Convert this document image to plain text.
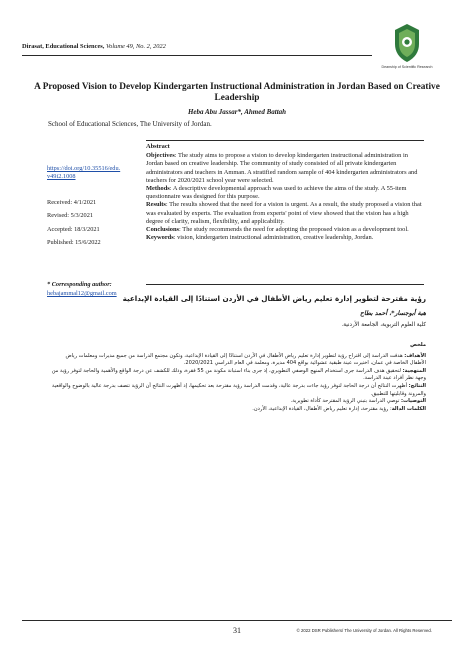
Dirasat, Educational Sciences, Volume 49, No. 2, 2022
Deanship of Scientific Research
A Proposed Vision to Develop Kindergarten Instructional Administration in Jordan Based on Creative Leadership
Heba Abu Jassar*, Ahmed Battah
School of Educational Sciences, The University of Jordan.
https://doi.org/10.35516/edu.
v49i2.1008
Received: 4/1/2021
Revised: 5/3/2021
Accepted: 18/3/2021
Published: 15/6/2022
* Corresponding author:
hebajammal12@gmail.com

Abstract

Objectives: The study aims to propose a vision to develop kindergarten instructional administration in Jordan based on creative leadership. The community of study consisted of all private kindergarten administrators and teachers in Amman. A stratified random sample of 404 kindergarten administrators and teachers for 2020/2021 school year were selected.

Methods: A descriptive developmental approach was used to achieve the aims of the study. A 55-item questionnaire was designed for this purpose.

Results: The results showed that the need for a vision is urgent. As a result, the study proposed a vision that was evaluated by experts. The evaluation from experts' point of view showed that the vision has a high degree of clarity, realism, flexibility, and applicability.

Conclusions: The study recommends the need for adopting the proposed vision as a development tool.

Keywords: vision, kindergarten instructional administration, creative leadership, Jordan.

رؤية مقترحة لتطوير إدارة تعليم رياض الأطفال في الأردن استنادًا إلى القيادة الإبداعية
هبة أبوجسار*، أحمد بطاح
كلية العلوم التربوية، الجامعة الأردنية.

ملخص

الأهداف: هدفت الدراسة إلى اقتراح رؤية لتطوير إدارة تعليم رياض الأطفال في الأردن استنادًا إلى القيادة الإبداعية، وتكون مجتمع الدراسة من جميع مديرات ومعلمات رياض الأطفال الخاصة في عمان، اختيرت عينة طبقية عشوائية بواقع 404 مديرة، ومعلمة في العام الدراسي 2020/2021.

المنهجية: لتحقيق هدف الدراسة جرى استخدام المنهج الوصفي التطويري، إذ جرى بناء استبانة مكونة من 55 فقرة، وذلك للكشف عن درجة الواقع والأهمية والحاجة لتوفر رؤية من وجهة نظر أفراد عينة الدراسة.

النتائج: أظهرت النتائج أن درجة الحاجة لتوفر رؤية جاءت بدرجة عالية، وقدمت الدراسة رؤية مقترحة بعد تحكيمها، إذ أظهرت النتائج أن الرؤية تتصف بدرجة عالية بالوضوح والواقعية والمرونة وقابليتها للتطبيق.

التوصيات: توصي الدراسة بتبني الرؤية المقترحة كأداة تطويرية.

الكلمات الدالة: رؤية مقترحة، إدارة تعليم رياض الأطفال، القيادة الإبداعية، الأردن.

31	© 2022 DSR Publishers/ The University of Jordan. All Rights Reserved.
